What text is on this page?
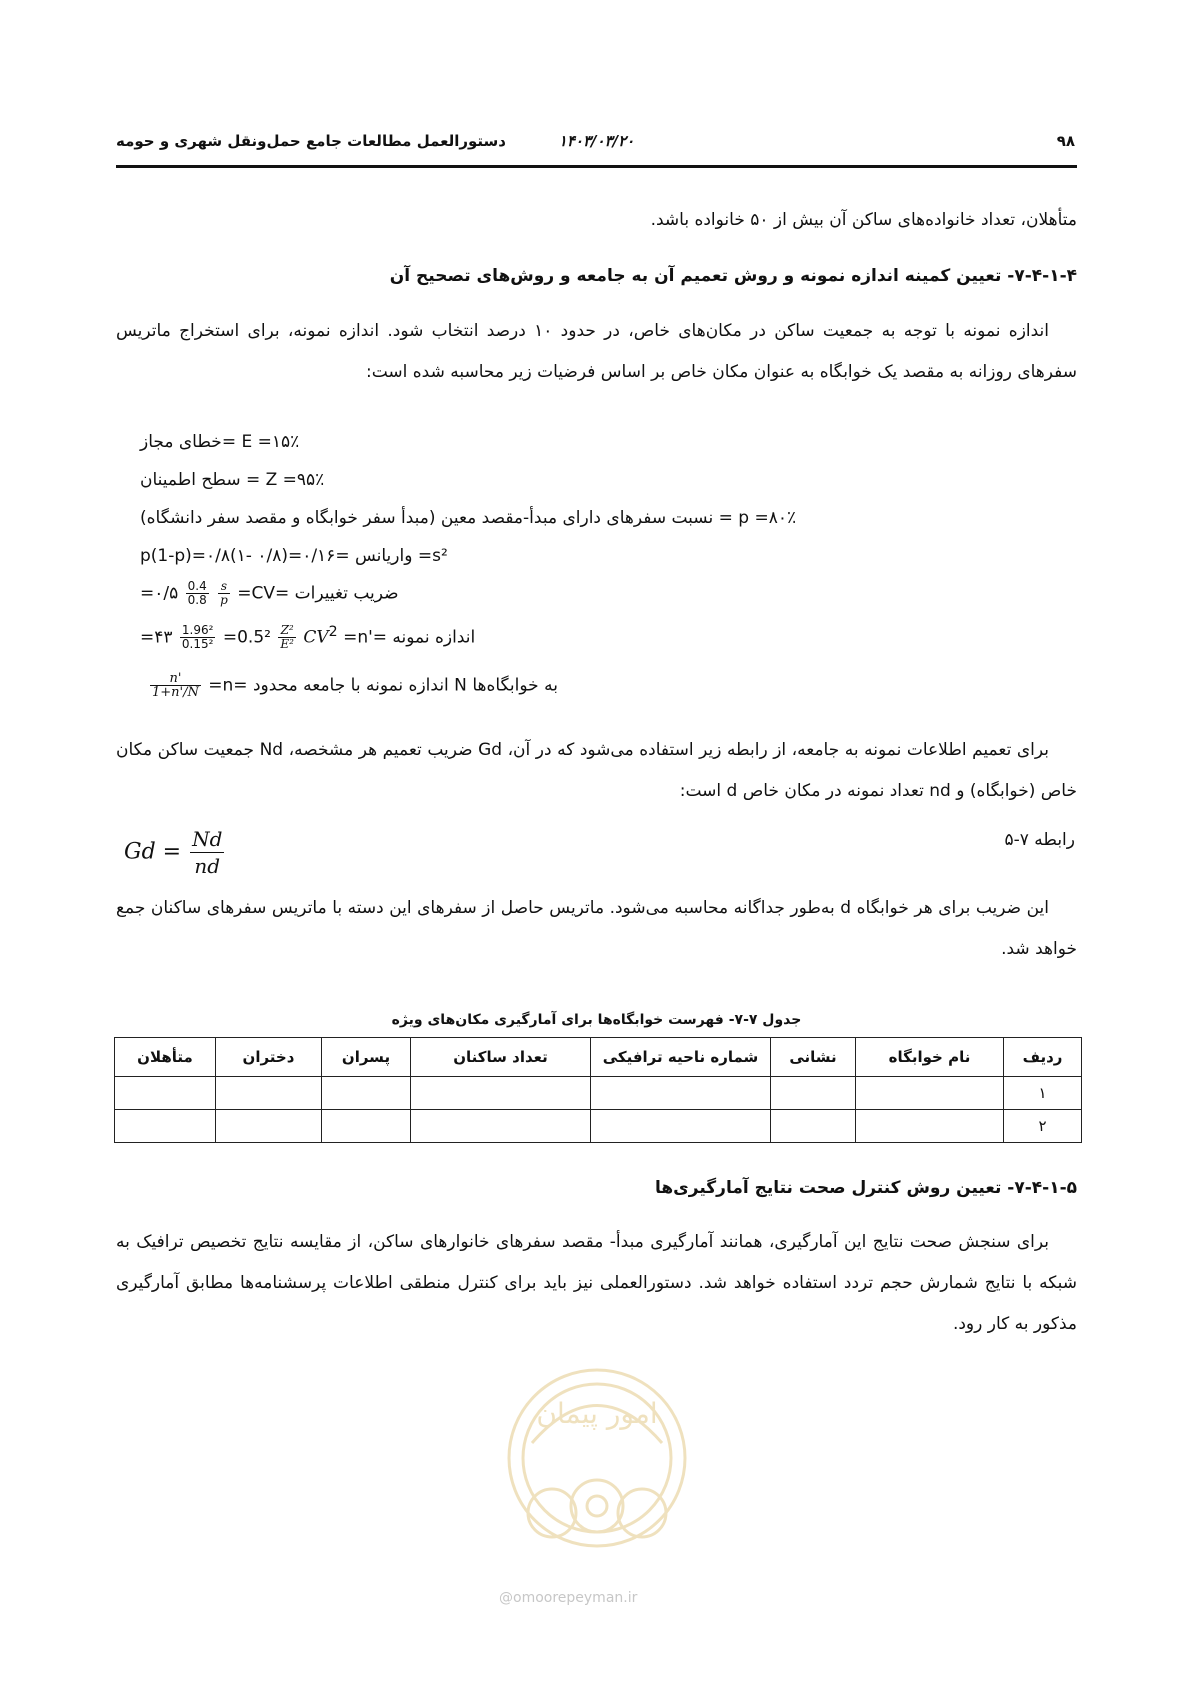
۹۸
۱۴۰۳/۰۳/۲۰
دستورالعمل مطالعات جامع حمل‌ونقل شهری و حومه

متأهلان، تعداد خانواده‌های ساکن آن بیش از ۵۰ خانواده باشد.

۷-۴-۱-۴- تعیین کمینه اندازه نمونه و روش تعمیم آن به جامعه و روش‌های تصحیح آن

اندازه نمونه با توجه به جمعیت ساکن در مکان‌های خاص، در حدود ۱۰ درصد انتخاب شود. اندازه نمونه، برای استخراج ماتریس سفرهای روزانه به مقصد یک خوابگاه به عنوان مکان خاص بر اساس فرضیات زیر محاسبه شده است:

E =۱۵٪ =خطای مجاز
Z =۹۵٪ = سطح اطمینان
p =۸۰٪ = نسبت سفرهای دارای مبدأ-مقصد معین (مبدأ سفر خوابگاه و مقصد سفر دانشگاه)
s²= واریانس =p(1-p)=۰/۸(۱- ۰/۸)=۰/۱۶
=۰/۵ $\frac{0.4}{0.8}$
$\frac{s}{p} =CV=$ ضریب تغییرات
=۴۳ $\frac{\text{1.96²}}{\text{0.15²}} =0.5^2 \frac{\text{Z²}}{\text{E²}} CV^2 =n'=$ اندازه نمونه
$\frac{n'}{1+n'/N} =n=$ اندازه نمونه با جامعه محدود N به خوابگاه‌ها

برای تعمیم اطلاعات نمونه به جامعه، از رابطه زیر استفاده می‌شود که در آن، Gd ضریب تعمیم هر مشخصه، Nd جمعیت ساکن مکان خاص (خوابگاه) و nd تعداد نمونه در مکان خاص d است:

رابطه ۷-۵
$Gd = \frac{Nd}{nd}$

این ضریب برای هر خوابگاه d به‌طور جداگانه محاسبه می‌شود. ماتریس حاصل از سفرهای این دسته با ماتریس سفرهای ساکنان جمع خواهد شد.

جدول ۷-۷- فهرست خوابگاه‌ها برای آمارگیری مکان‌های ویژه
ردیف	نام خوابگاه	نشانی	شماره ناحیه ترافیکی	تعداد ساکنان	پسران	دختران	متأهلان
۱							
۲							

۷-۴-۱-۵- تعیین روش کنترل صحت نتایج آمارگیری‌ها

برای سنجش صحت نتایج این آمارگیری، همانند آمارگیری مبدأ- مقصد سفرهای خانوارهای ساکن، از مقایسه نتایج تخصیص ترافیک به شبکه با نتایج شمارش حجم تردد استفاده خواهد شد. دستورالعملی نیز باید برای کنترل منطقی اطلاعات پرسشنامه‌ها مطابق آمارگیری مذکور به کار رود.

امور پیمان
@omoorepeyman.ir
